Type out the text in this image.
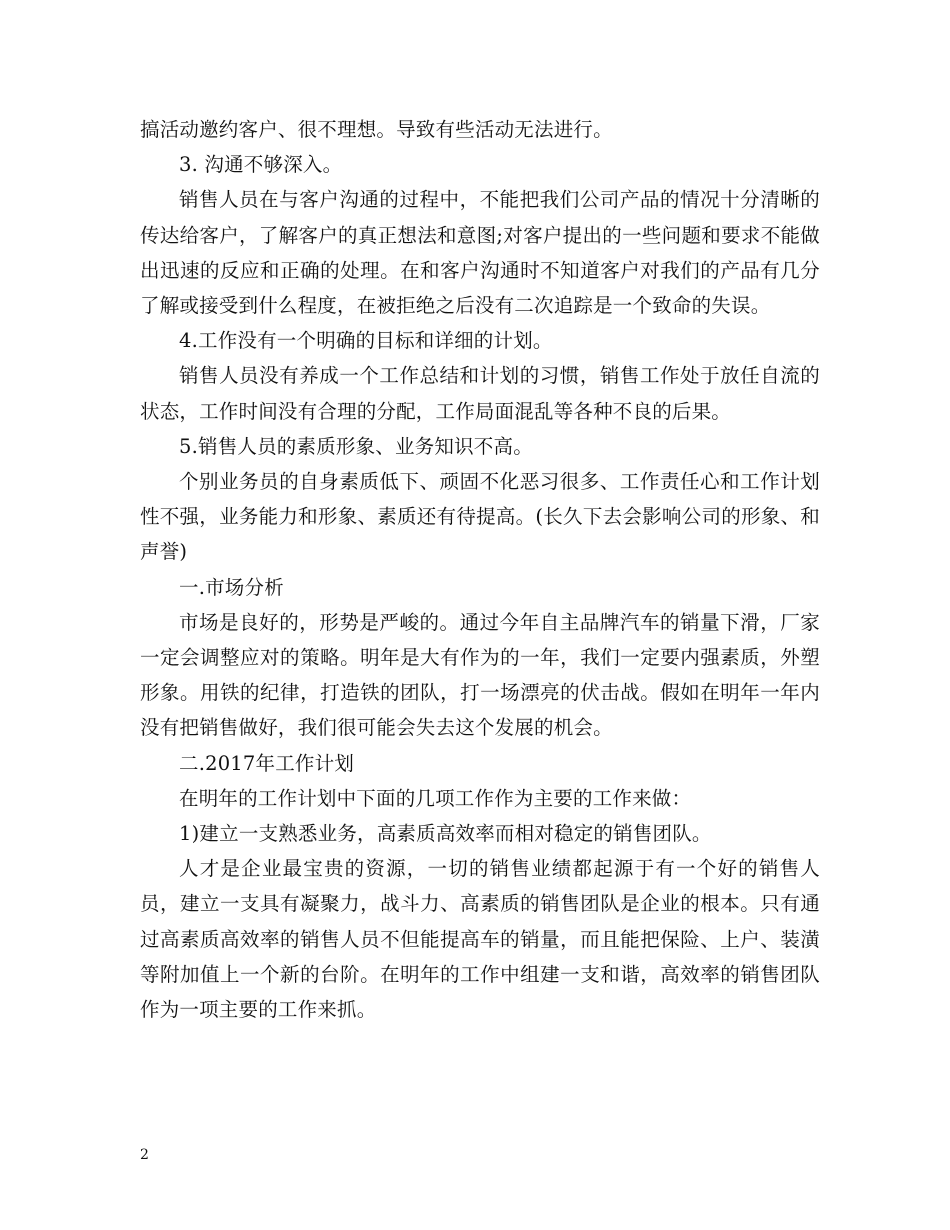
搞活动邀约客户、很不理想。导致有些活动无法进行。

3. 沟通不够深入。

销售人员在与客户沟通的过程中，不能把我们公司产品的情况十分清晰的传达给客户，了解客户的真正想法和意图;对客户提出的一些问题和要求不能做出迅速的反应和正确的处理。在和客户沟通时不知道客户对我们的产品有几分了解或接受到什么程度，在被拒绝之后没有二次追踪是一个致命的失误。

4.工作没有一个明确的目标和详细的计划。

销售人员没有养成一个工作总结和计划的习惯，销售工作处于放任自流的状态，工作时间没有合理的分配，工作局面混乱等各种不良的后果。

5.销售人员的素质形象、业务知识不高。

个别业务员的自身素质低下、顽固不化恶习很多、工作责任心和工作计划性不强，业务能力和形象、素质还有待提高。(长久下去会影响公司的形象、和声誉)

一.市场分析

市场是良好的，形势是严峻的。通过今年自主品牌汽车的销量下滑，厂家一定会调整应对的策略。明年是大有作为的一年，我们一定要内强素质，外塑形象。用铁的纪律，打造铁的团队，打一场漂亮的伏击战。假如在明年一年内没有把销售做好，我们很可能会失去这个发展的机会。

二.2017年工作计划

在明年的工作计划中下面的几项工作作为主要的工作来做：

1)建立一支熟悉业务，高素质高效率而相对稳定的销售团队。

人才是企业最宝贵的资源，一切的销售业绩都起源于有一个好的销售人员，建立一支具有凝聚力，战斗力、高素质的销售团队是企业的根本。只有通过高素质高效率的销售人员不但能提高车的销量，而且能把保险、上户、装潢等附加值上一个新的台阶。在明年的工作中组建一支和谐，高效率的销售团队作为一项主要的工作来抓。

2
